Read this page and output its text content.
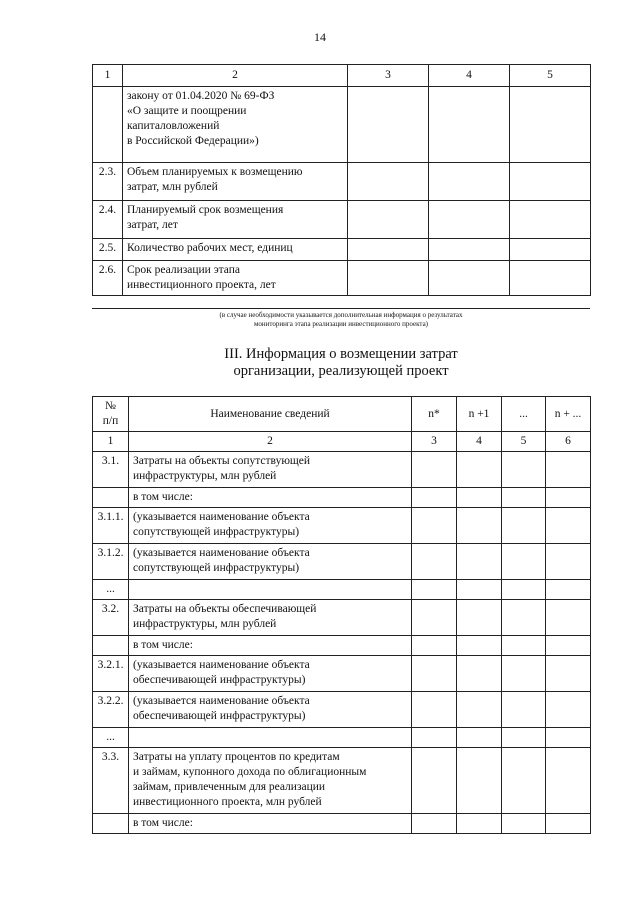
14
1	2	3	4	5
	закону от 01.04.2020 № 69-ФЗ
«О защите и поощрении
капиталовложений
в Российской Федерации»)			
2.3.	Объем планируемых к возмещению
затрат, млн рублей			
2.4.	Планируемый срок возмещения
затрат, лет			
2.5.	Количество рабочих мест, единиц			
2.6.	Срок реализации этапа
инвестиционного проекта, лет			
(в случае необходимости указывается дополнительная информация о результатах
мониторинга этапа реализации инвестиционного проекта)
III. Информация о возмещении затрат
организации, реализующей проект
№
п/п	Наименование сведений	n*	n +1	...	n + ...
1	2	3	4	5	6
3.1.	Затраты на объекты сопутствующей
инфраструктуры, млн рублей				
	в том числе:				
3.1.1.	(указывается наименование объекта
сопутствующей инфраструктуры)				
3.1.2.	(указывается наименование объекта
сопутствующей инфраструктуры)				
...					
3.2.	Затраты на объекты обеспечивающей
инфраструктуры, млн рублей				
	в том числе:				
3.2.1.	(указывается наименование объекта
обеспечивающей инфраструктуры)				
3.2.2.	(указывается наименование объекта
обеспечивающей инфраструктуры)				
...					
3.3.	Затраты на уплату процентов по кредитам
и займам, купонного дохода по облигационным
займам, привлеченным для реализации
инвестиционного проекта, млн рублей				
	в том числе:				
